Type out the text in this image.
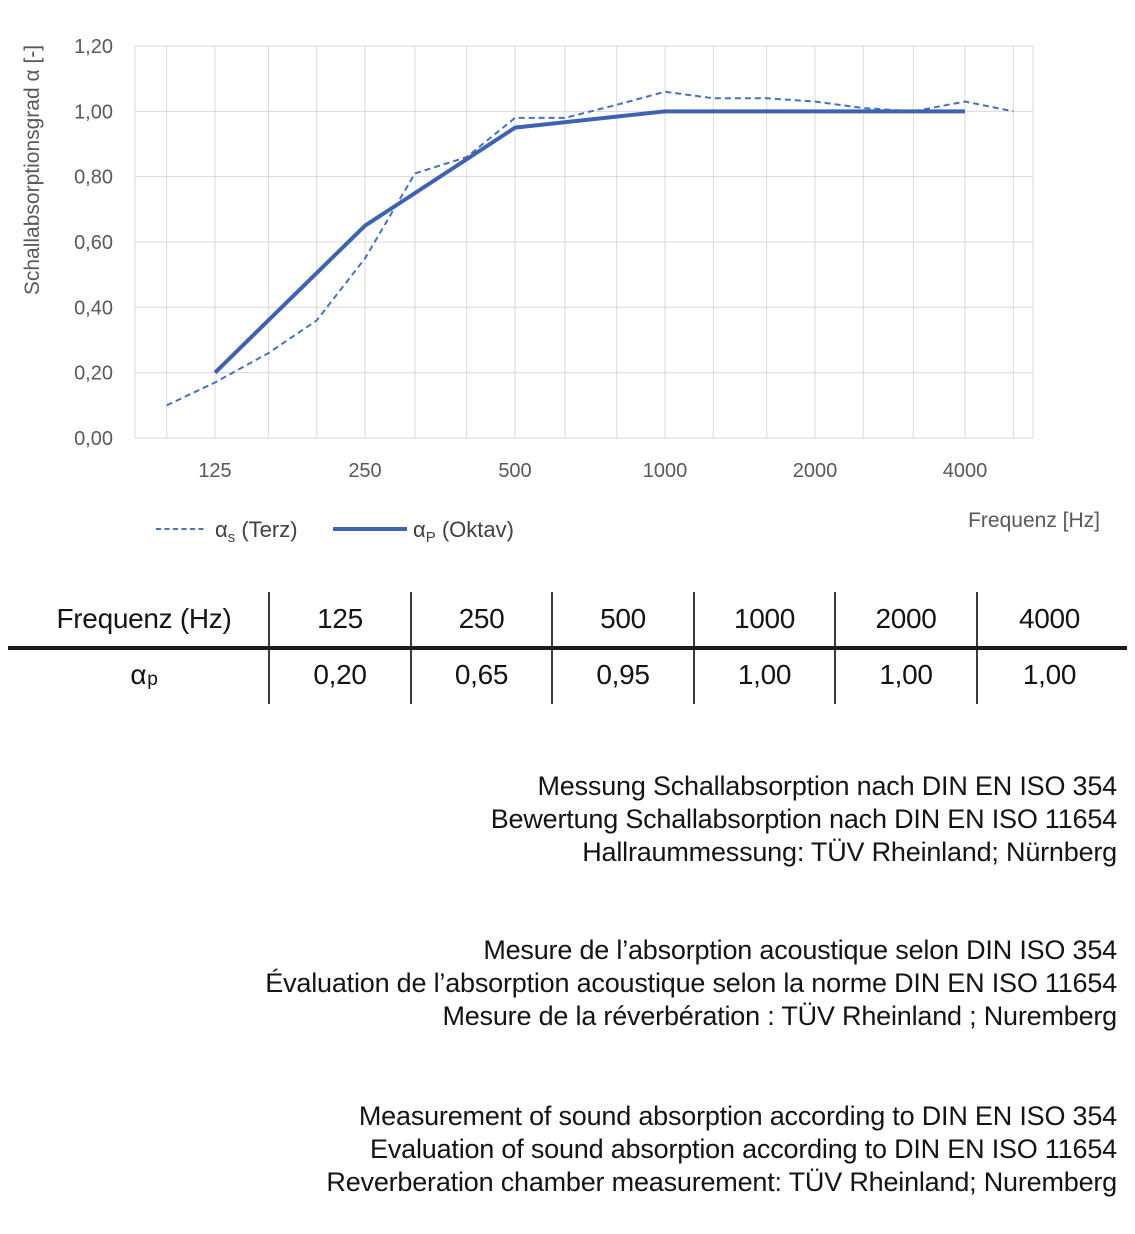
0,00
0,20
0,40
0,60
0,80
1,00
1,20
125	250	500	1000	2000	4000
Schallabsorptionsgrad α [-]
Frequenz [Hz]
$\alpha_s$ (Terz)	$\alpha_P$ (Oktav)
Frequenz (Hz)	125	250	500	1000	2000	4000
α p	0,20	0,65	0,95	1,00	1,00	1,00
Messung Schallabsorption nach DIN EN ISO 354
Bewertung Schallabsorption nach DIN EN ISO 11654
Hallraummessung: TÜV Rheinland; Nürnberg
Mesure de l’absorption acoustique selon DIN ISO 354
Évaluation de l’absorption acoustique selon la norme DIN EN ISO 11654
Mesure de la réverbération : TÜV Rheinland ; Nuremberg
Measurement of sound absorption according to DIN EN ISO 354
Evaluation of sound absorption according to DIN EN ISO 11654
Reverberation chamber measurement: TÜV Rheinland; Nuremberg
